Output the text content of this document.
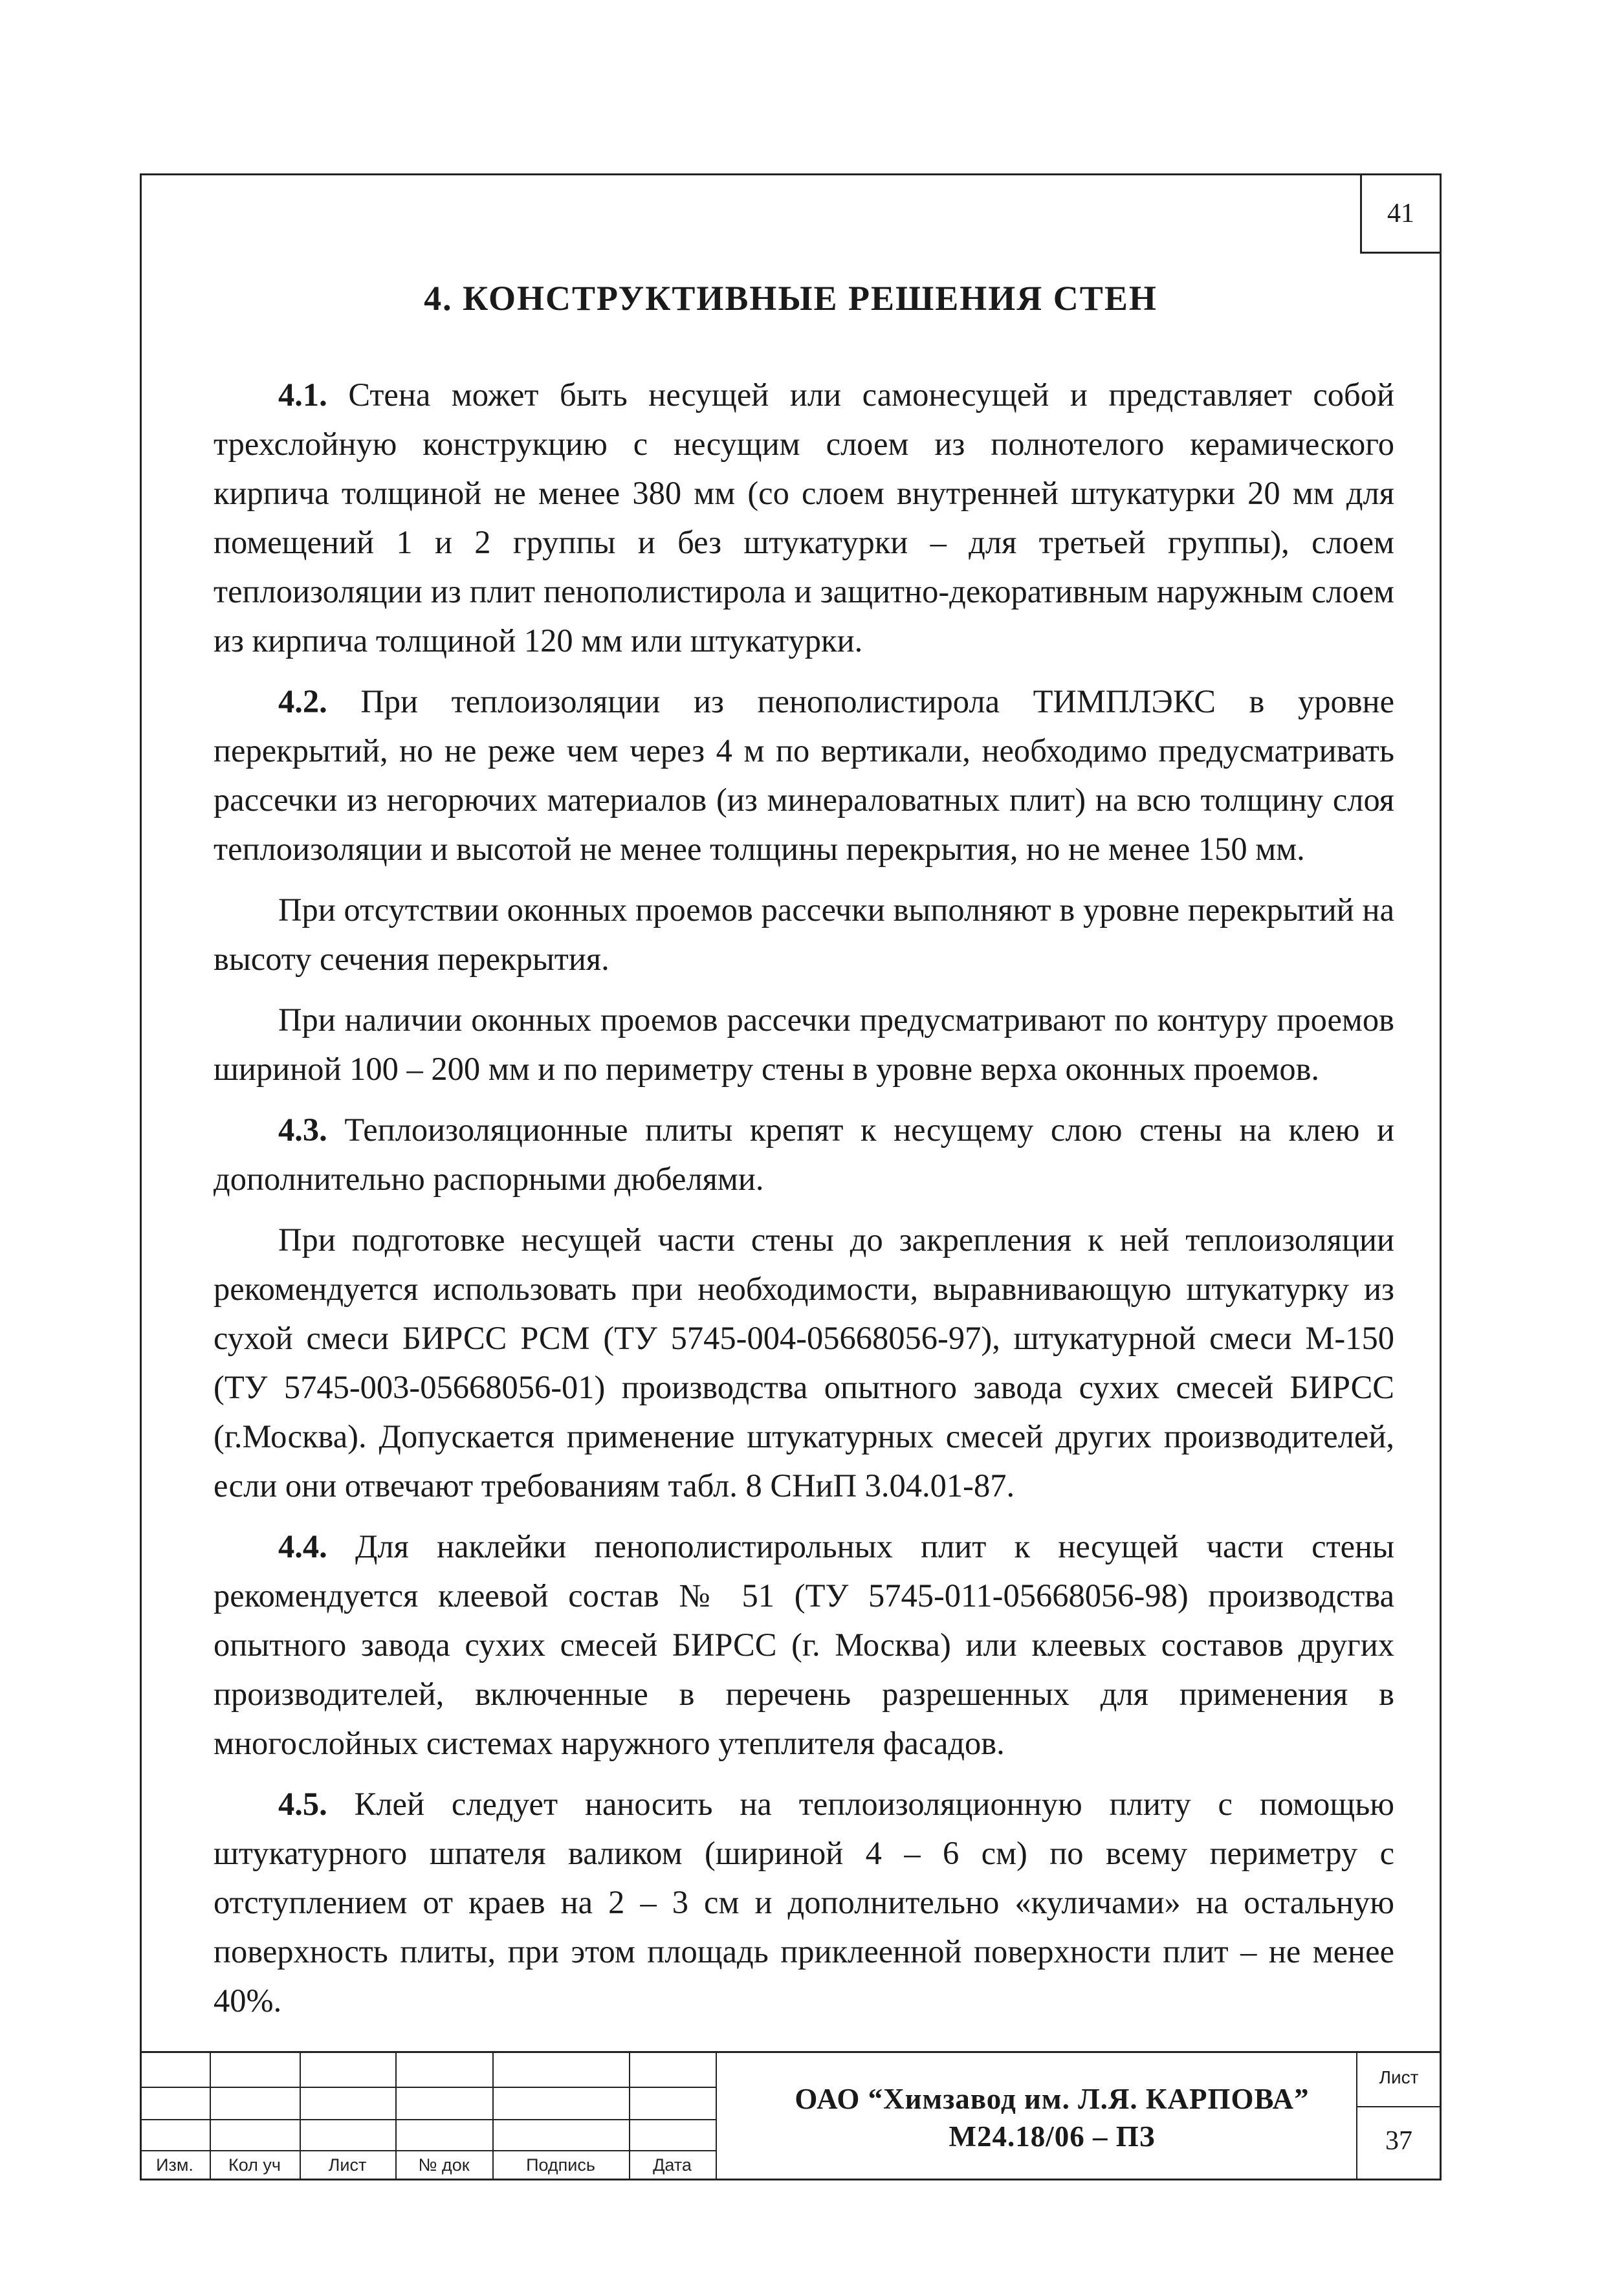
41
4. КОНСТРУКТИВНЫЕ РЕШЕНИЯ СТЕН

4.1. Стена может быть несущей или самонесущей и представляет собой трехслойную конструкцию с несущим слоем из полнотелого керамического кирпича толщиной не менее 380 мм (со слоем внутренней штукатурки 20 мм для помещений 1 и 2 группы и без штукатурки – для третьей группы), слоем теплоизоляции из плит пенополистирола и защитно-декоративным наружным слоем из кирпича толщиной 120 мм или штукатурки.

4.2. При теплоизоляции из пенополистирола ТИМПЛЭКС в уровне перекрытий, но не реже чем через 4 м по вертикали, необходимо предусматривать рассечки из негорючих материалов (из минераловатных плит) на всю толщину слоя теплоизоляции и высотой не менее толщины перекрытия, но не менее 150 мм.

При отсутствии оконных проемов рассечки выполняют в уровне перекрытий на высоту сечения перекрытия.

При наличии оконных проемов рассечки предусматривают по контуру проемов шириной 100 – 200 мм и по периметру стены в уровне верха оконных проемов.

4.3. Теплоизоляционные плиты крепят к несущему слою стены на клею и дополнительно распорными дюбелями.

При подготовке несущей части стены до закрепления к ней теплоизоляции рекомендуется использовать при необходимости, выравнивающую штукатурку из сухой смеси БИРСС РСМ (ТУ 5745-004-05668056-97), штукатурной смеси М-150 (ТУ 5745-003-05668056-01) производства опытного завода сухих смесей БИРСС (г.Москва). Допускается применение штукатурных смесей других производителей, если они отвечают требованиям табл. 8 СНиП 3.04.01-87.

4.4. Для наклейки пенополистирольных плит к несущей части стены рекомендуется клеевой состав № 51 (ТУ 5745-011-05668056-98) производства опытного завода сухих смесей БИРСС (г. Москва) или клеевых составов других производителей, включенные в перечень разрешенных для применения в многослойных системах наружного утеплителя фасадов.

4.5. Клей следует наносить на теплоизоляционную плиту с помощью штукатурного шпателя валиком (шириной 4 – 6 см) по всему периметру с отступлением от краев на 2 – 3 см и дополнительно «куличами» на остальную поверхность плиты, при этом площадь приклеенной поверхности плит – не менее 40%.

Изм.	Кол уч	Лист	№ док	Подпись	Дата
ОАО “Химзавод им. Л.Я. КАРПОВА”
М24.18/06 – ПЗ
Лист
37
